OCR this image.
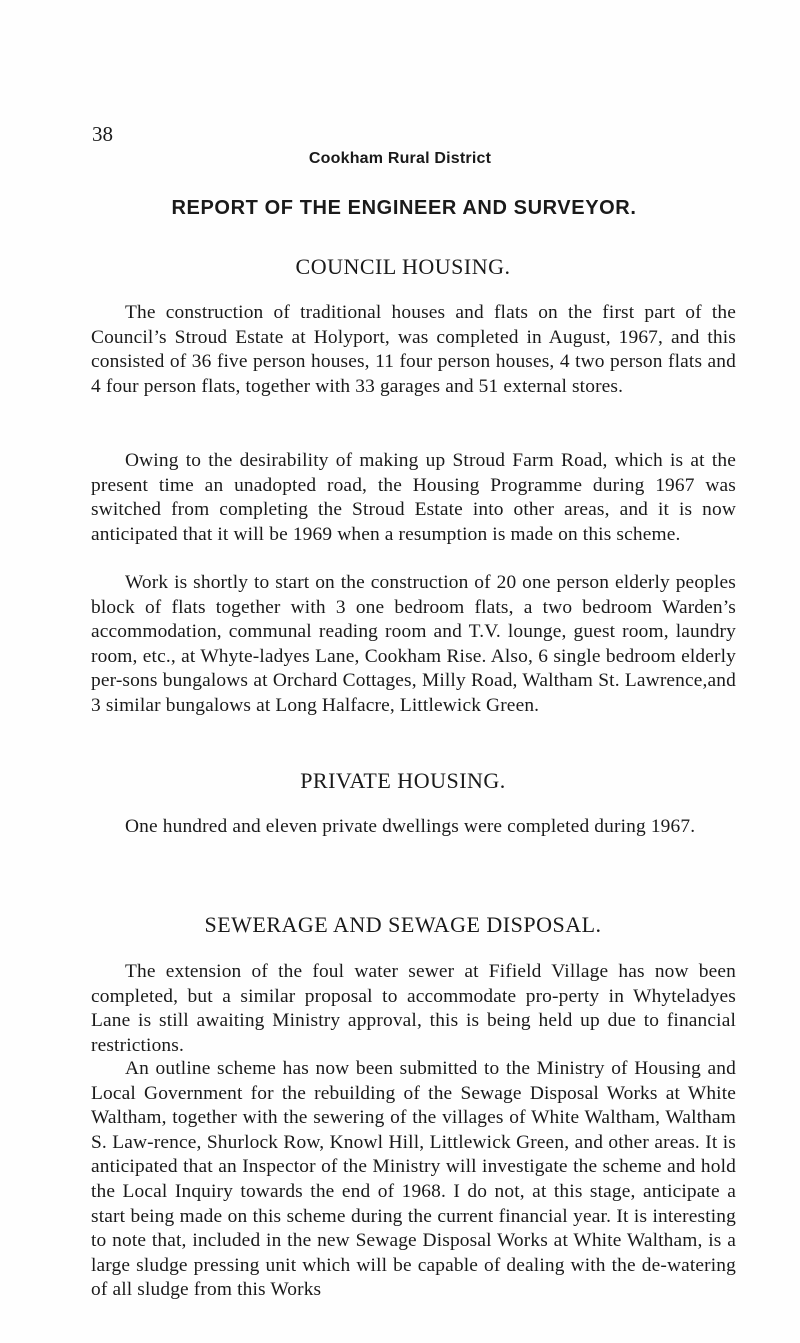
38
Cookham Rural District
REPORT OF THE ENGINEER AND SURVEYOR.
COUNCIL HOUSING.

The construction of traditional houses and flats on the first part of the Council’s Stroud Estate at Holyport, was completed in August, 1967, and this consisted of 36 five person houses, 11 four person houses, 4 two person flats and 4 four person flats, together with 33 garages and 51 external stores.

Owing to the desirability of making up Stroud Farm Road, which is at the present time an unadopted road, the Housing Programme during 1967 was switched from completing the Stroud Estate into other areas, and it is now anticipated that it will be 1969 when a resumption is made on this scheme.

Work is shortly to start on the construction of 20 one person elderly peoples block of flats together with 3 one bedroom flats, a two bedroom Warden’s accommodation, communal reading room and T.V. lounge, guest room, laundry room, etc., at Whyte-ladyes Lane, Cookham Rise. Also, 6 single bedroom elderly per-sons bungalows at Orchard Cottages, Milly Road, Waltham St. Lawrence,and 3 similar bungalows at Long Halfacre, Littlewick Green.

PRIVATE HOUSING.

One hundred and eleven private dwellings were completed during 1967.

SEWERAGE AND SEWAGE DISPOSAL.

The extension of the foul water sewer at Fifield Village has now been completed, but a similar proposal to accommodate pro-perty in Whyteladyes Lane is still awaiting Ministry approval, this is being held up due to financial restrictions.

An outline scheme has now been submitted to the Ministry of Housing and Local Government for the rebuilding of the Sewage Disposal Works at White Waltham, together with the sewering of the villages of White Waltham, Waltham S. Law-rence, Shurlock Row, Knowl Hill, Littlewick Green, and other areas. It is anticipated that an Inspector of the Ministry will investigate the scheme and hold the Local Inquiry towards the end of 1968. I do not, at this stage, anticipate a start being made on this scheme during the current financial year. It is interesting to note that, included in the new Sewage Disposal Works at White Waltham, is a large sludge pressing unit which will be capable of dealing with the de-watering of all sludge from this Works
